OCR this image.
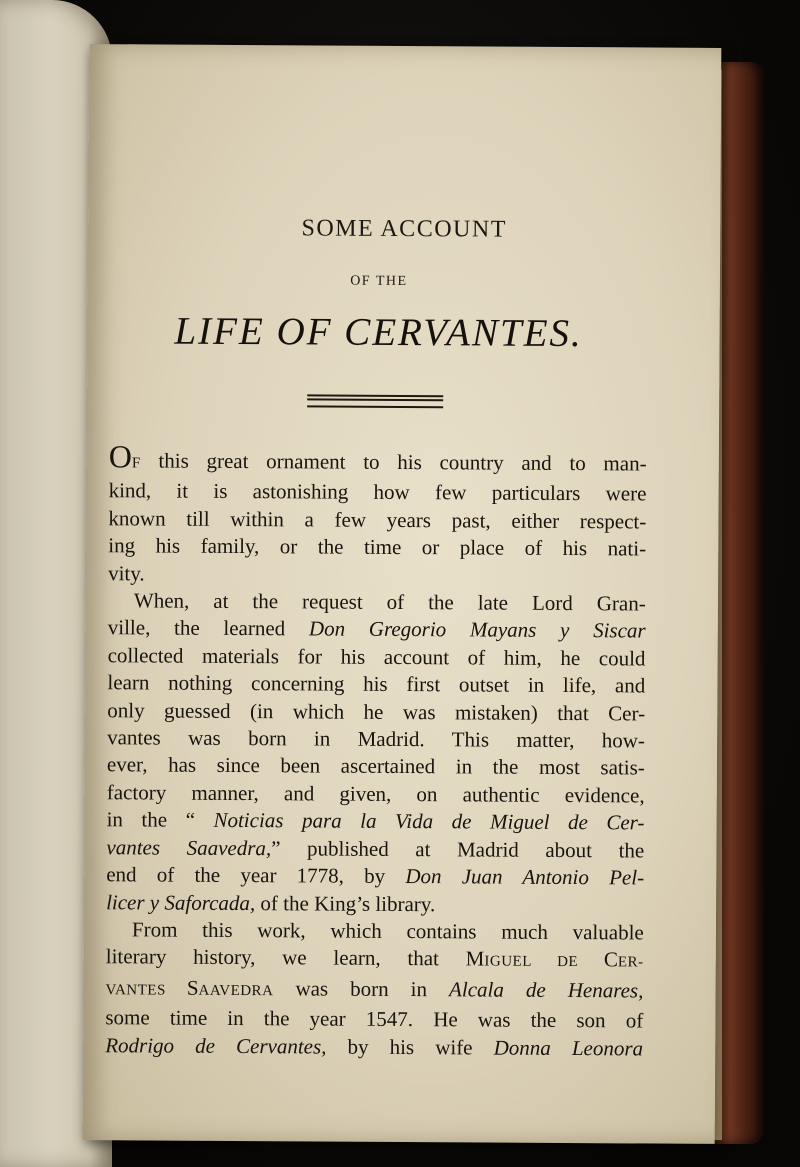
SOME ACCOUNT
OF THE
LIFE OF CERVANTES.
OF this great ornament to his country and to man-
kind, it is astonishing how few particulars were
known till within a few years past, either respect-
ing his family, or the time or place of his nati-
vity.
When, at the request of the late Lord Gran-
ville, the learned Don Gregorio Mayans y Siscar
collected materials for his account of him, he could
learn nothing concerning his first outset in life, and
only guessed (in which he was mistaken) that Cer-
vantes was born in Madrid. This matter, how-
ever, has since been ascertained in the most satis-
factory manner, and given, on authentic evidence,
in the “ Noticias para la Vida de Miguel de Cer-
vantes Saavedra,” published at Madrid about the
end of the year 1778, by Don Juan Antonio Pel-
licer y Saforcada, of the King’s library.
From this work, which contains much valuable
literary history, we learn, that MIGUEL DE CER-
VANTES SAAVEDRA was born in Alcala de Henares,
some time in the year 1547. He was the son of
Rodrigo de Cervantes, by his wife Donna Leonora
